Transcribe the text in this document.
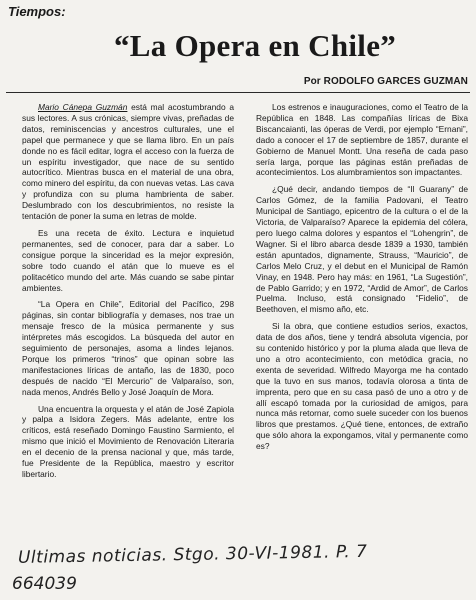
Tiempos:
“La Opera en Chile”
Por RODOLFO GARCES GUZMAN

Mario Cánepa Guzmán está mal acostumbrando a sus lectores. A sus crónicas, siempre vivas, preñadas de datos, reminiscencias y ancestros culturales, une el papel que permanece y que se llama libro. En un país donde no es fácil editar, logra el acceso con la fuerza de un espíritu investigador, que nace de su sentido autocrítico. Mientras busca en el material de una obra, como minero del espíritu, da con nuevas vetas. Las cava y profundiza con su pluma hambrienta de saber. Deslumbrado con los descubrimientos, no resiste la tentación de poner la suma en letras de molde.

Es una receta de éxito. Lectura e inquietud permanentes, sed de conocer, para dar a saber. Lo consigue porque la sinceridad es la mejor expresión, sobre todo cuando el atán que lo mueve es el politacético mundo del arte. Más cuando se sabe pintar ambientes.

“La Opera en Chile”, Editorial del Pacífico, 298 páginas, sin contar bibliografía y demases, nos trae un mensaje fresco de la música permanente y sus intérpretes más escogidos. La búsqueda del autor en seguimiento de personajes, asoma a lindes lejanos. Porque los primeros “trinos” que opinan sobre las manifestaciones líricas de antaño, las de 1830, poco después de nacido “El Mercurio” de Valparaíso, son, nada menos, Andrés Bello y José Joaquín de Mora.

Una encuentra la orquesta y el atán de José Zapiola y palpa a Isidora Zegers. Más adelante, entre los críticos, está reseñado Domingo Faustino Sarmiento, el mismo que inició el Movimiento de Renovación Literaria en el decenio de la prensa nacional y que, más tarde, fue Presidente de la República, maestro y escritor libertario.

Los estrenos e inauguraciones, como el Teatro de la República en 1848. Las compañías líricas de Bixa Biscancaianti, las óperas de Verdi, por ejemplo “Ernani”, dado a conocer el 17 de septiembre de 1857, durante el Gobierno de Manuel Montt. Una reseña de cada paso sería larga, porque las páginas están preñadas de acontecimientos. Los alumbramientos son impactantes.

¿Qué decir, andando tiempos de “Il Guarany” de Carlos Gómez, de la familia Padovani, el Teatro Municipal de Santiago, epicentro de la cultura o el de la Victoria, de Valparaíso? Aparece la epidemia del cólera, pero luego calma dolores y espantos el “Lohengrin”, de Wagner. Si el libro abarca desde 1839 a 1930, también están apuntados, dignamente, Strauss, “Mauricio”, de Carlos Melo Cruz, y el debut en el Municipal de Ramón Vinay, en 1948. Pero hay más: en 1961, “La Sugestión”, de Pablo Garrido; y en 1972, “Ardid de Amor”, de Carlos Puelma. Incluso, está consignado “Fidelio”, de Beethoven, el mismo año, etc.

Si la obra, que contiene estudios serios, exactos, data de dos años, tiene y tendrá absoluta vigencia, por su contenido histórico y por la pluma alada que lleva de uno a otro acontecimiento, con metódica gracia, no exenta de severidad. Wilfredo Mayorga me ha contado que la tuvo en sus manos, todavía olorosa a tinta de imprenta, pero que en su casa pasó de uno a otro y de allí escapó tomada por la curiosidad de amigos, para nunca más retornar, como suele suceder con los buenos libros que prestamos. ¿Qué tiene, entonces, de extraño que sólo ahora la expongamos, vital y permanente como es?

Ultimas noticias. Stgo. 30-VI-1981. P. 7
664039
